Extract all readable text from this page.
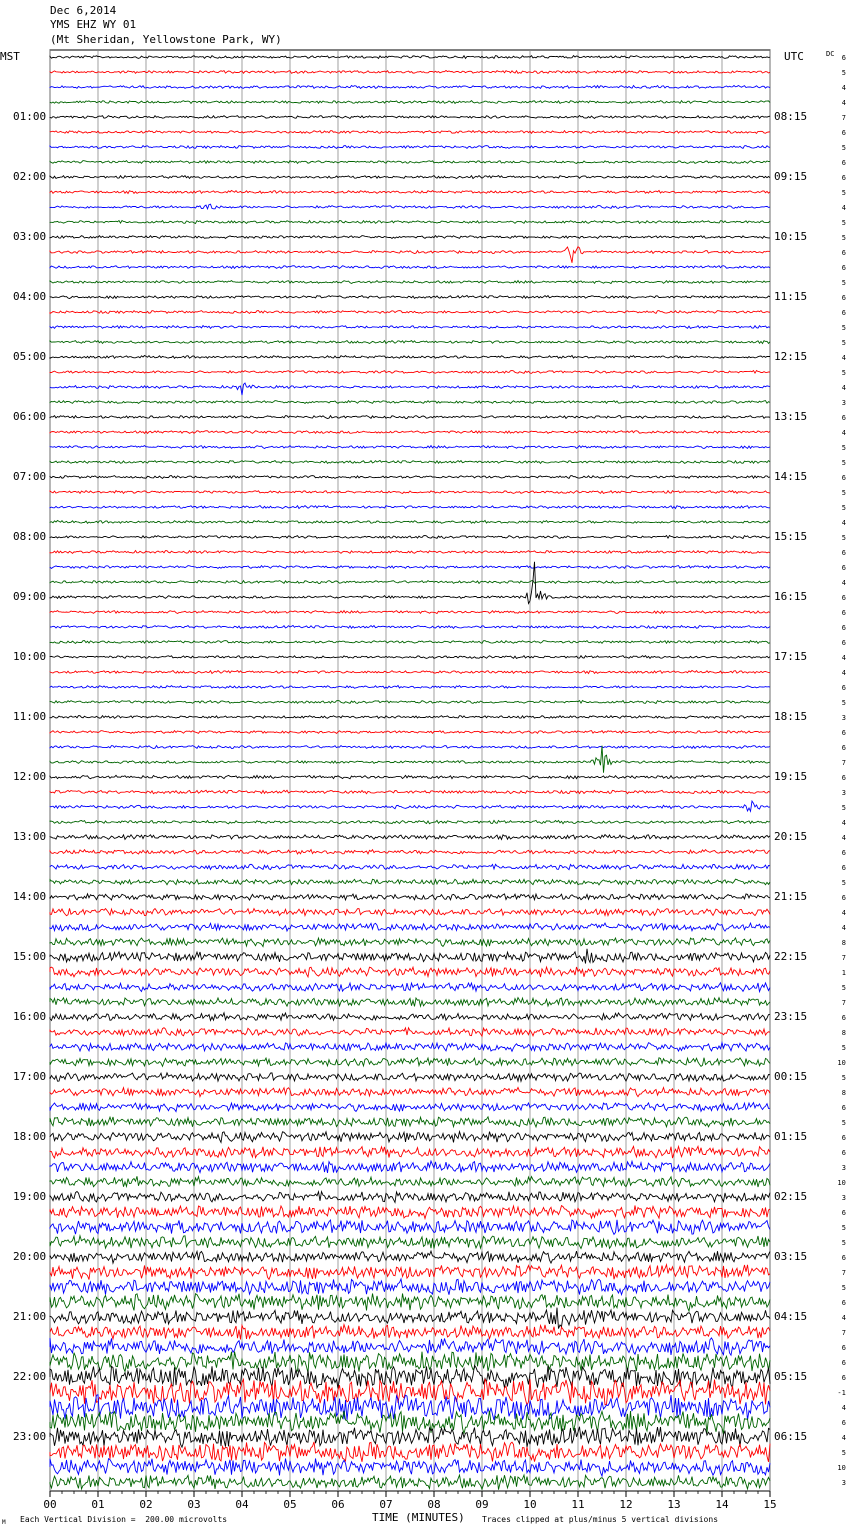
Dec 6,2014
YMS EHZ WY 01
(Mt Sheridan, Yellowstone Park, WY)
MST	UTC	DC
00	01	02	03	04	05	06	07	08	09	10	11	12	13	14	15
TIME (MINUTES)
Each Vertical Division =  200.00 microvolts	Traces clipped at plus/minus 5 vertical divisions
M
01:00
02:00
03:00
04:00
05:00
06:00
07:00
08:00
09:00
10:00
11:00
12:00
13:00
14:00
15:00
16:00
17:00
18:00
19:00
20:00
21:00
22:00
23:00
08:15
09:15
10:15
11:15
12:15
13:15
14:15
15:15
16:15
17:15
18:15
19:15
20:15
21:15
22:15
23:15
00:15
01:15
02:15
03:15
04:15
05:15
06:15
6
5
4
4
7
6
5
6
6
5
4
5
5
6
6
5
6
6
5
5
4
5
4
3
6
4
5
5
6
5
5
4
5
6
6
4
6
6
6
6
4
4
6
5
3
6
6
7
6
3
5
4
4
6
6
5
6
4
4
8
7
1
5
7
6
8
5
10
5
8
6
5
6
6
3
10
3
6
5
5
6
7
5
6
4
7
6
6
6
-1
4
6
4
5
10
3
